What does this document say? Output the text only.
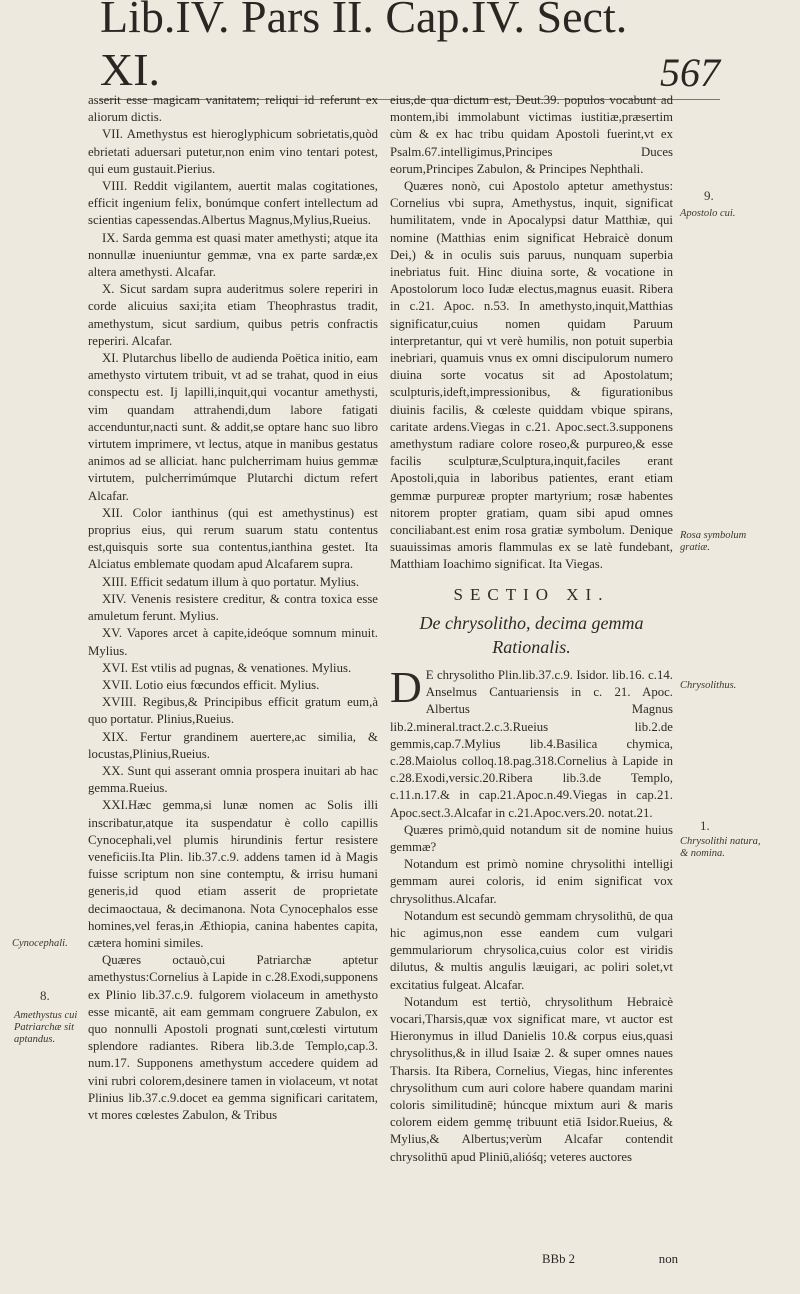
Lib.IV. Pars II. Cap.IV. Sect. XI.	567

asserit esse magicam vanitatem; reliqui id referunt ex aliorum dictis.

VII. Amethystus est hieroglyphicum sobrietatis,quòd ebrietati aduersari putetur,non enim vino tentari potest, qui eum gustauit.Pierius.

VIII. Reddit vigilantem, auertit malas cogitationes, efficit ingenium felix, bonúmque confert intellectum ad scientias capessendas.Albertus Magnus,Mylius,Rueius.

IX. Sarda gemma est quasi mater amethysti; atque ita nonnullæ inueniuntur gemmæ, vna ex parte sardæ,ex altera amethysti. Alcafar.

X. Sicut sardam supra auderitmus solere reperiri in corde alicuius saxi;ita etiam Theophrastus tradit, amethystum, sicut sardium, quibus petris confractis reperiri. Alcafar.

XI. Plutarchus libello de audienda Poëtica initio, eam amethysto virtutem tribuit, vt ad se trahat, quod in eius conspectu est. Ij lapilli,inquit,qui vocantur amethysti, vim quandam attrahendi,dum labore fatigati accenduntur,nacti sunt. & addit,se optare hanc suo libro virtutem imprimere, vt lectus, atque in manibus gestatus animos ad se alliciat. hanc pulcherrimam huius gemmæ virtutem, pulcherrimúmque Plutarchi dictum refert Alcafar.

XII. Color ianthinus (qui est amethystinus) est proprius eius, qui rerum suarum statu contentus est,quisquis sorte sua contentus,ianthina gestet. Ita Alciatus emblemate quodam apud Alcafarem supra.

XIII. Efficit sedatum illum à quo portatur. Mylius.

XIV. Venenis resistere creditur, & contra toxica esse amuletum ferunt. Mylius.

XV. Vapores arcet à capite,ideóque somnum minuit. Mylius.

XVI. Est vtilis ad pugnas, & venationes. Mylius.

XVII. Lotio eius fœcundos efficit. Mylius.

XVIII. Regibus,& Principibus efficit gratum eum,à quo portatur. Plinius,Rueius.

XIX. Fertur grandinem auertere,ac similia, & locustas,Plinius,Rueius.

XX. Sunt qui asserant omnia prospera inuitari ab hac gemma.Rueius.

XXI.Hæc gemma,si lunæ nomen ac Solis illi inscribatur,atque ita suspendatur è collo capillis Cynocephali,vel plumis hirundinis fertur resistere veneficiis.Ita Plin. lib.37.c.9. addens tamen id à Magis fuisse scriptum non sine contemptu, & irrisu humani generis,id quod etiam asserit de proprietate decimaoctaua, & decimanona. Nota Cynocephalos esse homines,vel feras,in Æthiopia, canina habentes capita, cætera homini similes.

Quæres octauò,cui Patriarchæ aptetur amethystus:Cornelius à Lapide in c.28.Exodi,supponens ex Plinio lib.37.c.9. fulgorem violaceum in amethysto esse micantē, ait eam gemmam congruere Zabulon, ex quo nonnulli Apostoli prognati sunt,cœlesti virtutum splendore radiantes. Ribera lib.3.de Templo,cap.3. num.17. Supponens amethystum accedere quidem ad vini rubri colorem,desinere tamen in violaceum, vt notat Plinius lib.37.c.9.docet ea gemma significari caritatem, vt mores cœlestes Zabulon, & Tribus

eius,de qua dictum est, Deut.39. populos vocabunt ad montem,ibi immolabunt victimas iustitiæ,præsertim cùm & ex hac tribu quidam Apostoli fuerint,vt ex Psalm.67.intelligimus,Principes Duces eorum,Principes Zabulon, & Principes Nephthali.

Quæres nonò, cui Apostolo aptetur amethystus: Cornelius vbi supra, Amethystus, inquit, significat humilitatem, vnde in Apocalypsi datur Matthiæ, qui nomine (Matthias enim significat Hebraicè donum Dei,) & in oculis suis paruus, nunquam superbia inebriatus fuit. Hinc diuina sorte, & vocatione in Apostolorum loco Iudæ electus,magnus euasit. Ribera in c.21. Apoc. n.53. In amethysto,inquit,Matthias significatur,cuius nomen quidam Paruum interpretantur, qui vt verè humilis, non potuit superbia inebriari, quamuis vnus ex omni discipulorum numero diuina sorte vocatus sit ad Apostolatum; sculpturis,ideft,impressionibus, & figurationibus diuinis facilis, & cœleste quiddam vbique spirans, caritate ardens.Viegas in c.21. Apoc.sect.3.supponens amethystum radiare colore roseo,& purpureo,& esse facilis sculpturæ,Sculptura,inquit,faciles erant Apostoli,quia in laboribus patientes, erant etiam gemmæ purpureæ propter martyrium; rosæ habentes nitorem propter gratiam, quam sibi apud omnes conciliabant.est enim rosa gratiæ symbolum. Denique suauissimas amoris flammulas ex se latè fundebant, Matthiam Ioachimo significat. Ita Viegas.

SECTIO XI.
De chrysolitho, decima gemma Rationalis.

D E chrysolitho Plin.lib.37.c.9. Isidor. lib.16. c.14. Anselmus Cantuariensis in c. 21. Apoc. Albertus Magnus lib.2.mineral.tract.2.c.3.Rueius lib.2.de gemmis,cap.7.Mylius lib.4.Basilica chymica, c.28.Maiolus colloq.18.pag.318.Cornelius à Lapide in c.28.Exodi,versic.20.Ribera lib.3.de Templo, c.11.n.17.& in cap.21.Apoc.n.49.Viegas in cap.21. Apoc.sect.3.Alcafar in c.21.Apoc.vers.20. notat.21.

Quæres primò,quid notandum sit de nomine huius gemmæ?

Notandum est primò nomine chrysolithi intelligi gemmam aurei coloris, id enim significat vox chrysolithus.Alcafar.

Notandum est secundò gemmam chrysolithū, de qua hic agimus,non esse eandem cum vulgari gemmulariorum chrysolica,cuius color est viridis dilutus, & multis angulis læuigari, ac poliri solet,vt excitatius fulgeat. Alcafar.

Notandum est tertiò, chrysolithum Hebraicè vocari,Tharsis,quæ vox significat mare, vt auctor est Hieronymus in illud Danielis 10.& corpus eius,quasi chrysolithus,& in illud Isaiæ 2. & super omnes naues Tharsis. Ita Ribera, Cornelius, Viegas, hinc inferentes chrysolithum cum auri colore habere quandam marini coloris similitudinē; húncque mixtum auri & maris colorem eidem gemmę tribuunt etiā Isidor.Rueius, & Mylius,& Albertus;verùm Alcafar contendit chrysolithū apud Pliniū,alióśq; veteres auctores

Cynocephali.
8.
Amethystus cui Patriarchæ sit aptandus.
9.
Apostolo cui.
Rosa symbolum gratiæ.
Chrysolithus.
1.
Chrysolithi natura, & nomina.
BBb 2	non
